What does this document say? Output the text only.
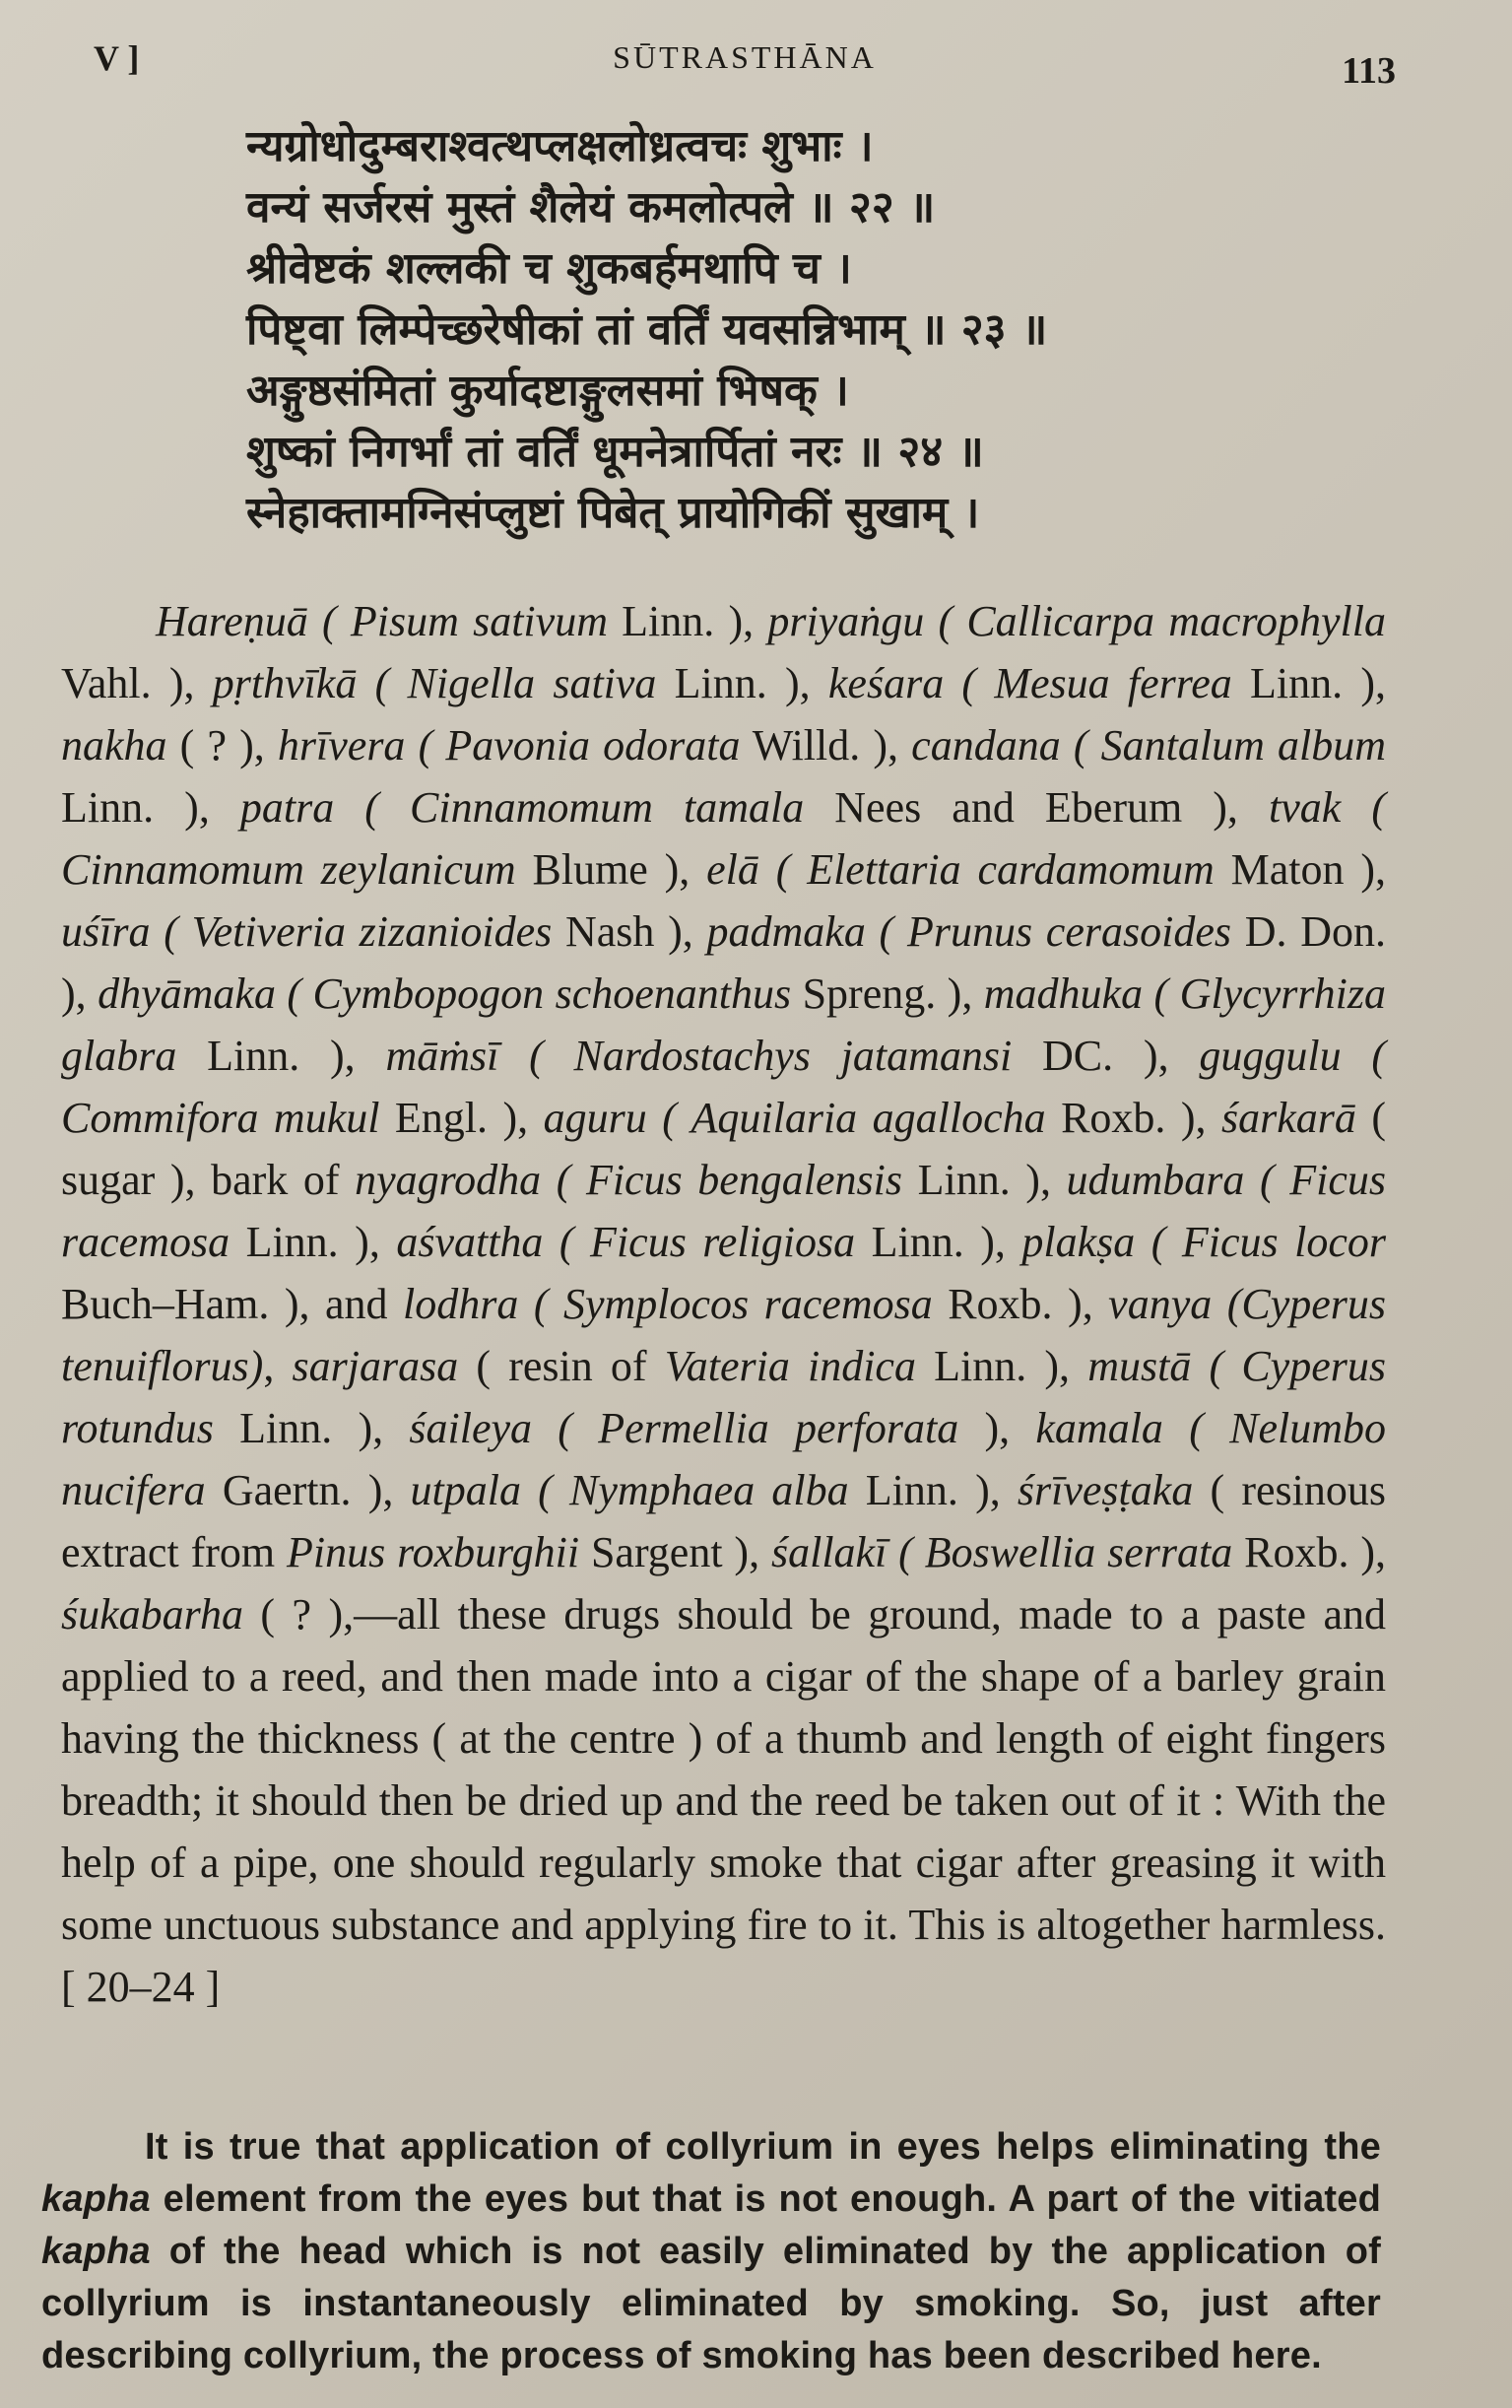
V ]	SŪTRASTHĀNA	113
न्यग्रोधोदुम्बराश्वत्थप्लक्षलोध्रत्वचः शुभाः ।
वन्यं सर्जरसं मुस्तं शैलेयं कमलोत्पले ॥ २२ ॥
श्रीवेष्टकं शल्लकी च शुकबर्हमथापि च ।
पिष्ट्वा लिम्पेच्छरेषीकां तां वर्तिं यवसन्निभाम् ॥ २३ ॥
अङ्गुष्ठसंमितां कुर्यादष्टाङ्गुलसमां भिषक् ।
शुष्कां निगर्भां तां वर्तिं धूमनेत्रार्पितां नरः ॥ २४ ॥
स्नेहाक्तामग्निसंप्लुष्टां पिबेत् प्रायोगिकीं सुखाम् ।

Hareṇuā ( Pisum sativum Linn. ), priyaṅgu ( Callicarpa macrophylla Vahl. ), pṛthvīkā ( Nigella sativa Linn. ), keśara ( Mesua ferrea Linn. ), nakha ( ? ), hrīvera ( Pavonia odorata Willd. ), candana ( Santalum album Linn. ), patra ( Cinnamomum tamala Nees and Eberum ), tvak ( Cinnamomum zeylanicum Blume ), elā ( Elettaria cardamomum Maton ), uśīra ( Vetiveria zizanioides Nash ), padmaka ( Prunus cerasoides D. Don. ), dhyāmaka ( Cymbopogon schoenanthus Spreng. ), madhuka ( Glycyrrhiza glabra Linn. ), māṁsī ( Nardostachys jatamansi DC. ), guggulu ( Commifora mukul Engl. ), aguru ( Aquilaria agallocha Roxb. ), śarkarā ( sugar ), bark of nyagrodha ( Ficus bengalensis Linn. ), udumbara ( Ficus racemosa Linn. ), aśvattha ( Ficus religiosa Linn. ), plakṣa ( Ficus locor Buch–Ham. ), and lodhra ( Symplocos racemosa Roxb. ), vanya (Cyperus tenuiflorus), sarjarasa ( resin of Vateria indica Linn. ), mustā ( Cyperus rotundus Linn. ), śaileya ( Permellia perforata ), kamala ( Nelumbo nucifera Gaertn. ), utpala ( Nymphaea alba Linn. ), śrīveṣṭaka ( resinous extract from Pinus roxburghii Sargent ), śallakī ( Boswellia serrata Roxb. ), śukabarha ( ? ),—all these drugs should be ground, made to a paste and applied to a reed, and then made into a cigar of the shape of a barley grain having the thickness ( at the centre ) of a thumb and length of eight fingers breadth; it should then be dried up and the reed be taken out of it : With the help of a pipe, one should regularly smoke that cigar after greasing it with some unctuous substance and applying fire to it. This is altogether harmless. [ 20–24 ]

It is true that application of collyrium in eyes helps eliminating the kapha element from the eyes but that is not enough. A part of the vitiated kapha of the head which is not easily eliminated by the application of collyrium is instantaneously eliminated by smoking. So, just after describing collyrium, the process of smoking has been described here.
